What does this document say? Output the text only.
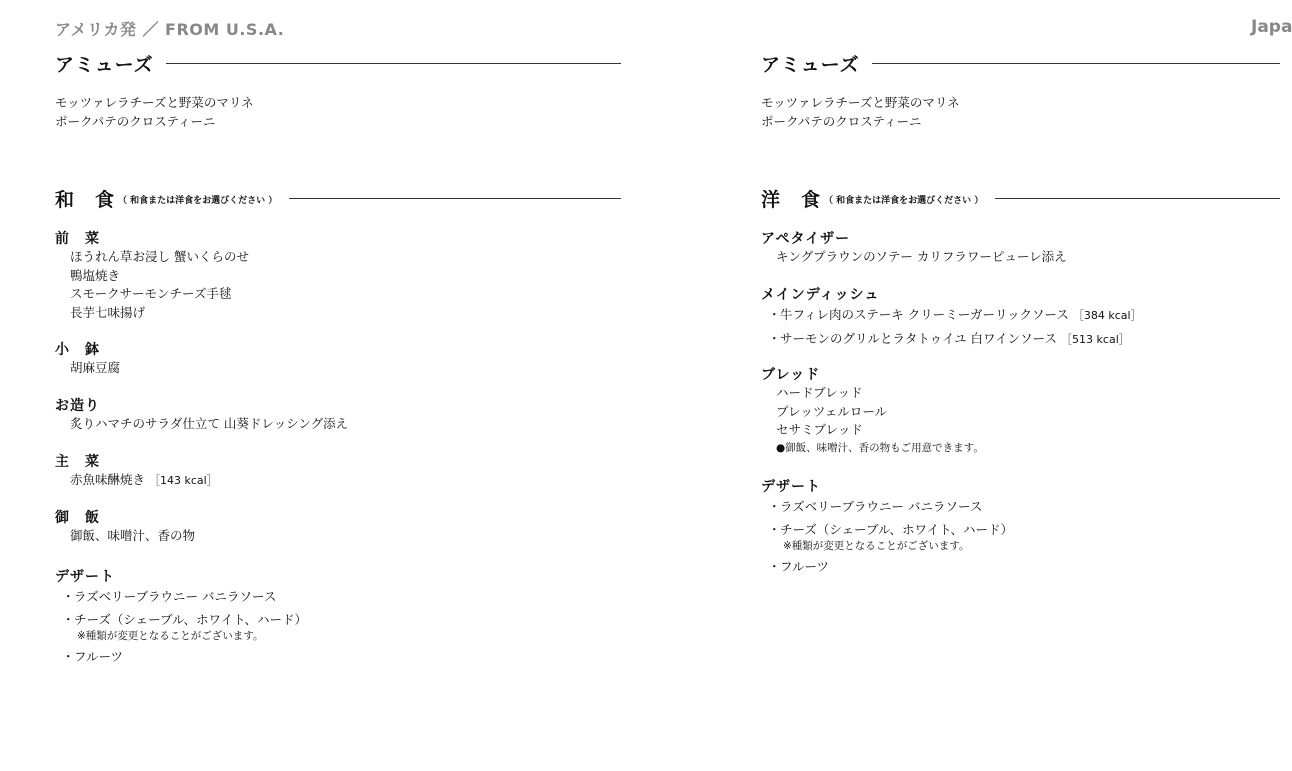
アメリカ発 ／ FROM U.S.A.	Japa
アミューズ
モッツァレラチーズと野菜のマリネ
ポークパテのクロスティーニ
和　食 （ 和食または洋食をお選びください ）
前　菜
ほうれん草お浸し 蟹いくらのせ
鴨塩焼き
スモークサーモンチーズ手毬
長芋七味揚げ
小　鉢
胡麻豆腐
お造り
炙りハマチのサラダ仕立て 山葵ドレッシング添え
主　菜
赤魚味醂焼き ［143 kcal］
御　飯
御飯、味噌汁、香の物
デザート
・ラズベリーブラウニー バニラソース
・チーズ（シェーブル、ホワイト、ハード）
※種類が変更となることがございます。
・フルーツ
アミューズ
モッツァレラチーズと野菜のマリネ
ポークパテのクロスティーニ
洋　食 （ 和食または洋食をお選びください ）
アペタイザー
キングプラウンのソテー カリフラワーピューレ添え
メインディッシュ
・牛フィレ肉のステーキ クリーミーガーリックソース ［384 kcal］
・サーモンのグリルとラタトゥイユ 白ワインソース ［513 kcal］
ブレッド
ハードブレッド
プレッツェルロール
セサミブレッド
●御飯、味噌汁、香の物もご用意できます。
デザート
・ラズベリーブラウニー バニラソース
・チーズ（シェーブル、ホワイト、ハード）
※種類が変更となることがございます。
・フルーツ
